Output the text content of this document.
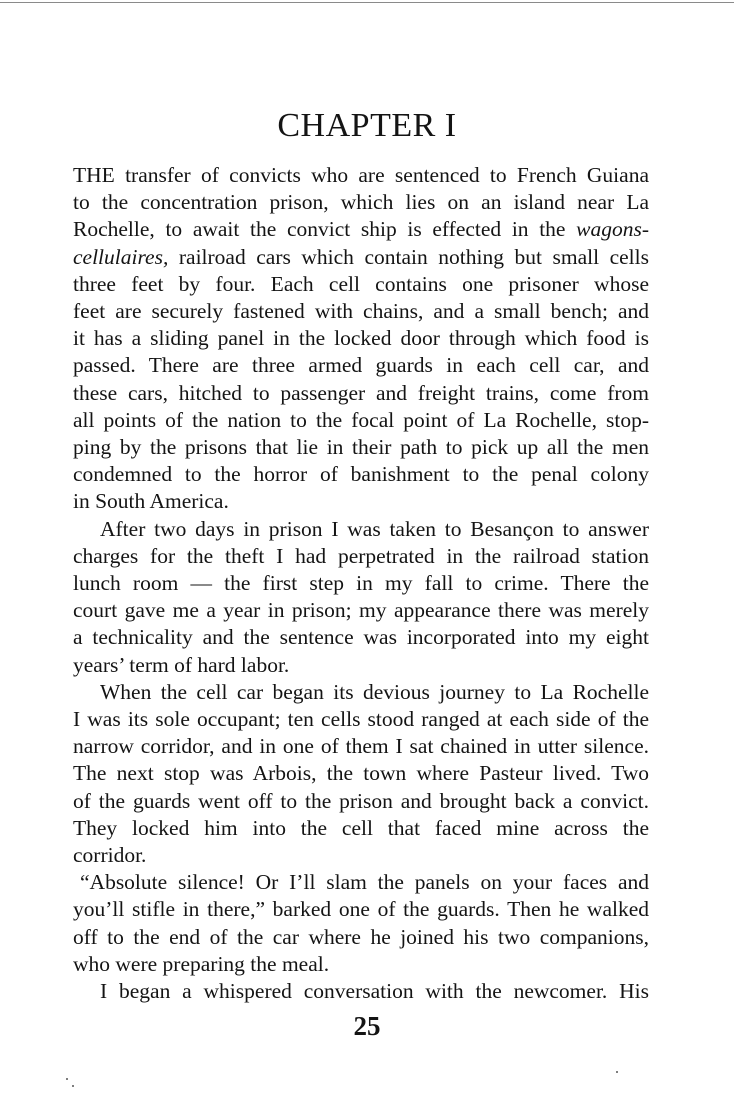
CHAPTER I
THE transfer of convicts who are sentenced to French Guiana
to the concentration prison, which lies on an island near La
Rochelle, to await the convict ship is effected in the wagons-
cellulaires, railroad cars which contain nothing but small cells
three feet by four. Each cell contains one prisoner whose
feet are securely fastened with chains, and a small bench; and
it has a sliding panel in the locked door through which food is
passed. There are three armed guards in each cell car, and
these cars, hitched to passenger and freight trains, come from
all points of the nation to the focal point of La Rochelle, stop-
ping by the prisons that lie in their path to pick up all the men
condemned to the horror of banishment to the penal colony
in South America.
After two days in prison I was taken to Besançon to answer
charges for the theft I had perpetrated in the railroad station
lunch room — the first step in my fall to crime. There the
court gave me a year in prison; my appearance there was merely
a technicality and the sentence was incorporated into my eight
years’ term of hard labor.
When the cell car began its devious journey to La Rochelle
I was its sole occupant; ten cells stood ranged at each side of the
narrow corridor, and in one of them I sat chained in utter silence.
The next stop was Arbois, the town where Pasteur lived. Two
of the guards went off to the prison and brought back a convict.
They locked him into the cell that faced mine across the
corridor.
“Absolute silence! Or I’ll slam the panels on your faces and
you’ll stifle in there,” barked one of the guards. Then he walked
off to the end of the car where he joined his two companions,
who were preparing the meal.
I began a whispered conversation with the newcomer. His
25
